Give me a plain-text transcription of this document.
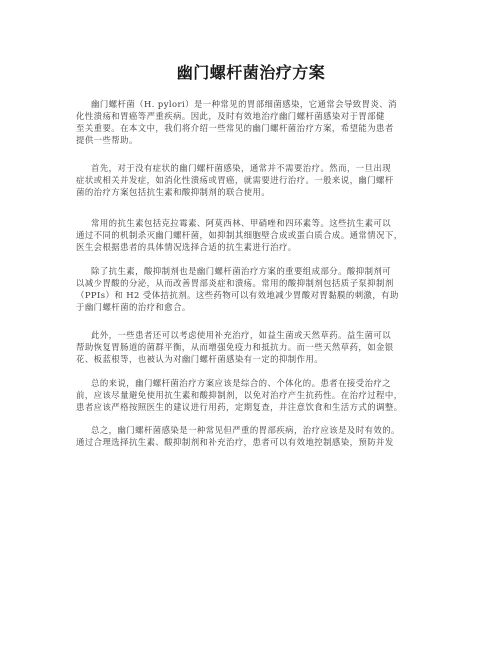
幽门螺杆菌治疗方案
幽门螺杆菌（H. pylori）是一种常见的胃部细菌感染，它通常会导致胃炎、消
化性溃疡和胃癌等严重疾病。因此，及时有效地治疗幽门螺杆菌感染对于胃部健
至关重要。在本文中，我们将介绍一些常见的幽门螺杆菌治疗方案，希望能为患者
提供一些帮助。
首先，对于没有症状的幽门螺杆菌感染，通常并不需要治疗。然而，一旦出现
症状或相关并发症，如消化性溃疡或胃癌，就需要进行治疗。一般来说，幽门螺杆
菌的治疗方案包括抗生素和酸抑制剂的联合使用。
常用的抗生素包括克拉霉素、阿莫西林、甲硝唑和四环素等。这些抗生素可以
通过不同的机制杀灭幽门螺杆菌，如抑制其细胞壁合成或蛋白质合成。通常情况下，
医生会根据患者的具体情况选择合适的抗生素进行治疗。
除了抗生素，酸抑制剂也是幽门螺杆菌治疗方案的重要组成部分。酸抑制剂可
以减少胃酸的分泌，从而改善胃部炎症和溃疡。常用的酸抑制剂包括质子泵抑制剂
（PPIs）和 H2 受体拮抗剂。这些药物可以有效地减少胃酸对胃黏膜的刺激，有助
于幽门螺杆菌的治疗和愈合。
此外，一些患者还可以考虑使用补充治疗，如益生菌或天然草药。益生菌可以
帮助恢复胃肠道的菌群平衡，从而增强免疫力和抵抗力。而一些天然草药，如金银
花、板蓝根等，也被认为对幽门螺杆菌感染有一定的抑制作用。
总的来说，幽门螺杆菌治疗方案应该是综合的、个体化的。患者在接受治疗之
前，应该尽量避免使用抗生素和酸抑制剂，以免对治疗产生抗药性。在治疗过程中，
患者应该严格按照医生的建议进行用药，定期复查，并注意饮食和生活方式的调整。
总之，幽门螺杆菌感染是一种常见但严重的胃部疾病，治疗应该是及时有效的。
通过合理选择抗生素、酸抑制剂和补充治疗，患者可以有效地控制感染，预防并发
